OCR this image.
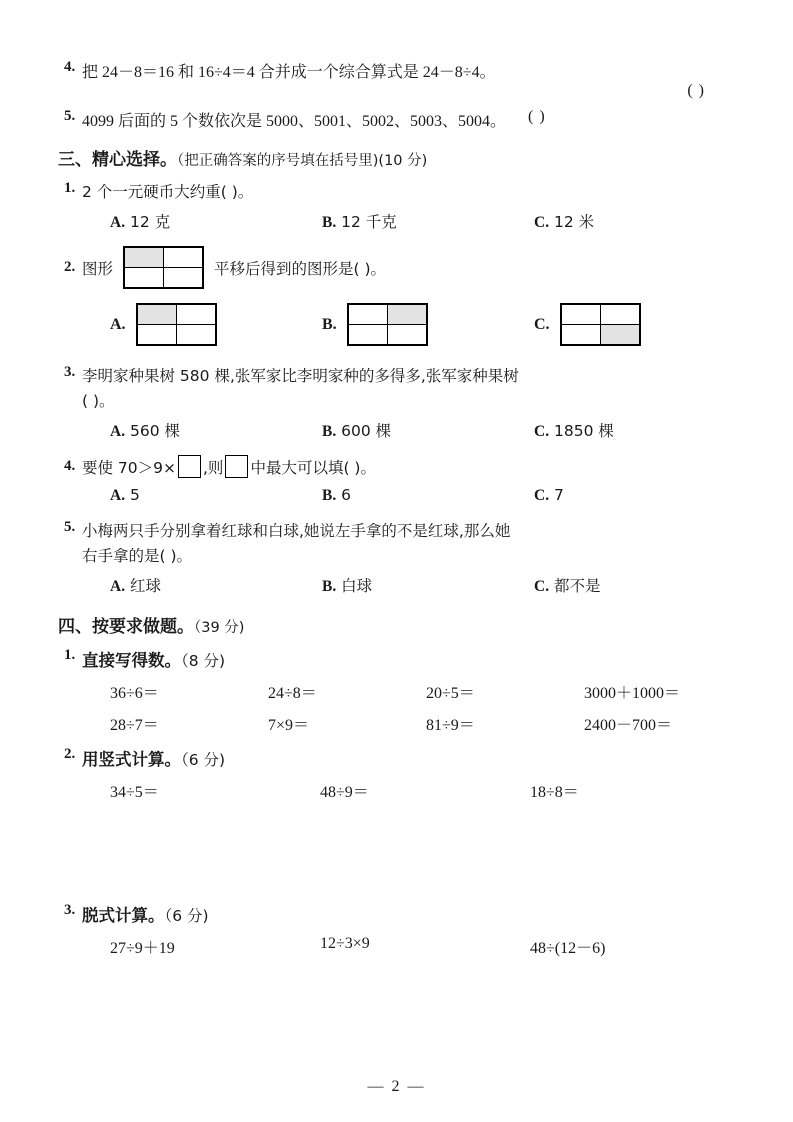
4. 把 24－8＝16 和 16÷4＝4 合并成一个综合算式是 24－8÷4。
( )
5. 4099 后面的 5 个数依次是 5000、5001、5002、5003、5004。 ( )
三、精心选择。（把正确答案的序号填在括号里)(10 分)
1. 2 个一元硬币大约重( )。
A. 12 克	B. 12 千克	C. 12 米
2. 图形

		平移后得到的图形是( )。
A.

		B.

		C.

3. 李明家种果树 580 棵,张军家比李明家种的多得多,张军家种果树
( )。
A. 560 棵	B. 600 棵	C. 1850 棵
4. 要使 70＞9× ,则 中最大可以填( )。
A. 5	B. 6	C. 7
5. 小梅两只手分别拿着红球和白球,她说左手拿的不是红球,那么她
右手拿的是( )。
A. 红球	B. 白球	C. 都不是
四、按要求做题。（39 分)
1. 直接写得数。（8 分)
36÷6＝	24÷8＝	20÷5＝	3000＋1000＝
28÷7＝	7×9＝	81÷9＝	2400－700＝
2. 用竖式计算。（6 分)
34÷5＝	48÷9＝	18÷8＝
3. 脱式计算。（6 分)
27÷9＋19	12÷3×9	48÷(12－6)
— 2 —
